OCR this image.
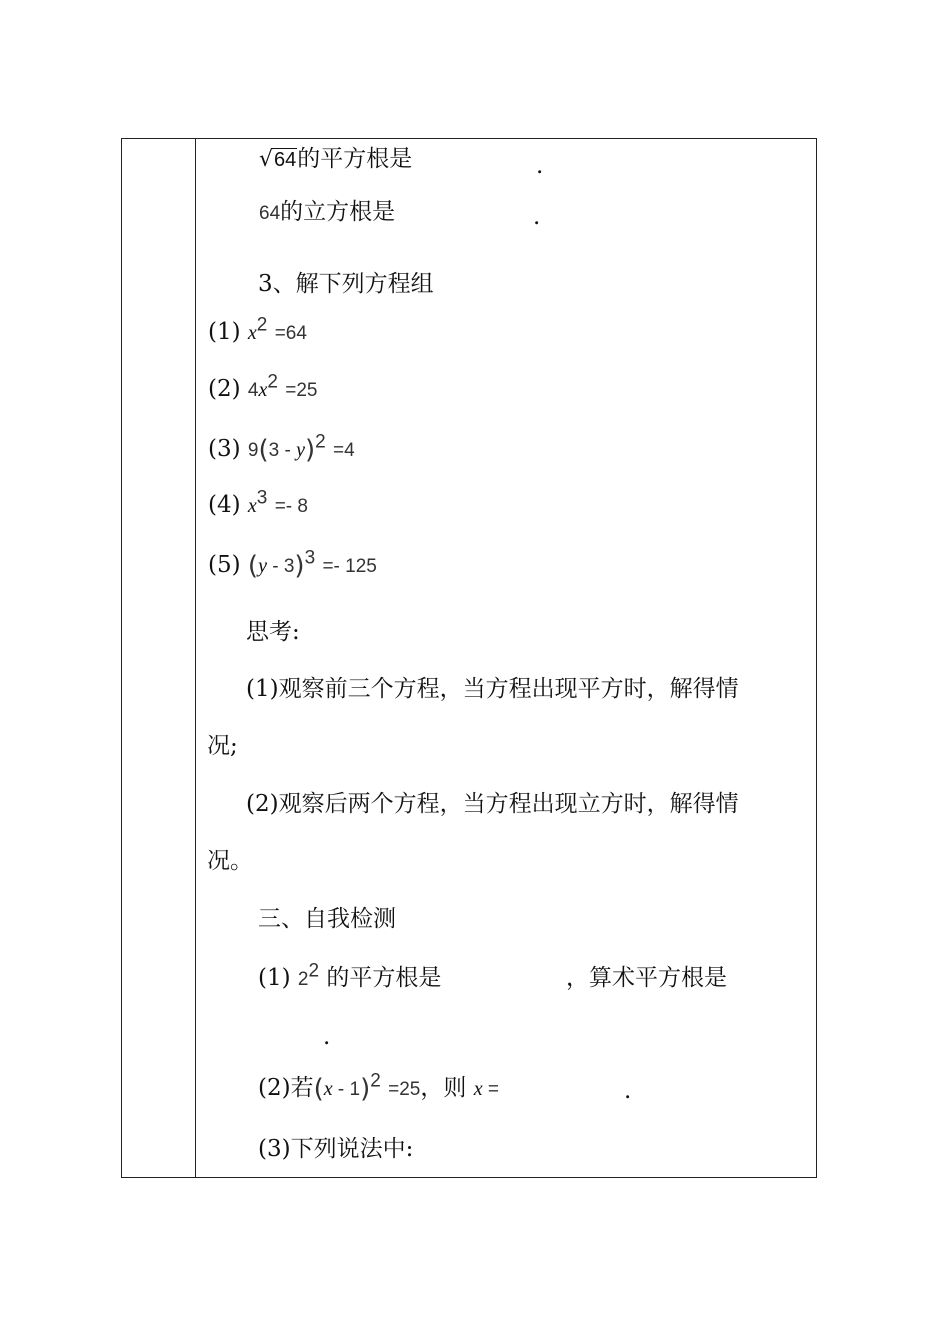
√64的平方根是	.
64的立方根是	.
3、解下列方程组
(1) $x^2 =64$
(2) $4x^2 =25$
(3) 9(3 - y)$^2$ =4
(4) $x^3 =- 8$
(5) (y - 3)$^3$ =- 125
思考:
(1)观察前三个方程，当方程出现平方时，解得情
况;
(2)观察后两个方程，当方程出现立方时，解得情
况。
三、自我检测
(1) $2^2$ 的平方根是	，算术平方根是
.
(2)若(x - 1)$^2$ =25，则 x =	.
(3)下列说法中:
